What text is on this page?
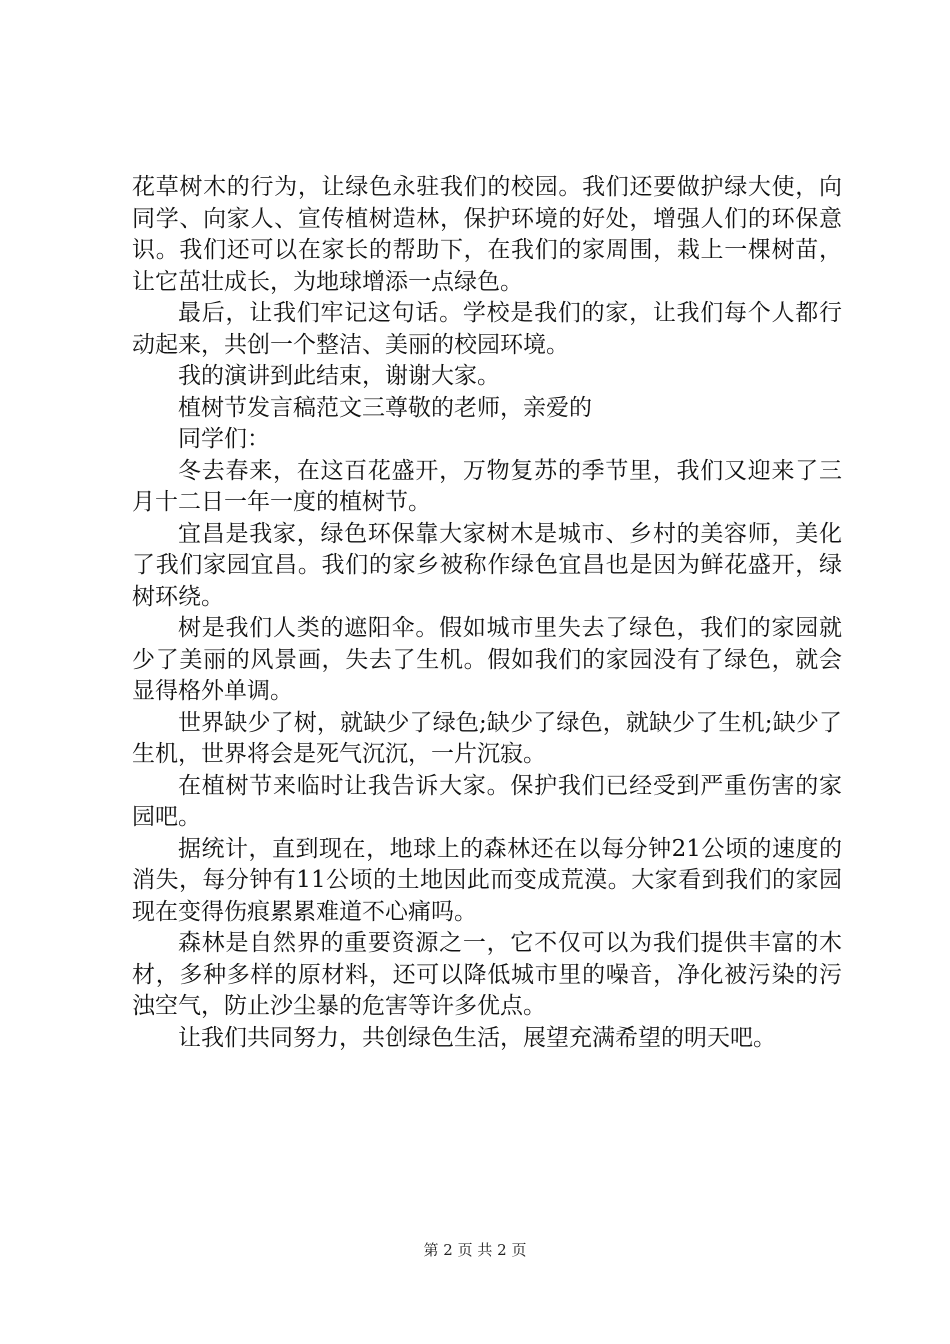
花草树木的行为，让绿色永驻我们的校园。我们还要做护绿大使，向同学、向家人、宣传植树造林，保护环境的好处，增强人们的环保意识。我们还可以在家长的帮助下，在我们的家周围，栽上一棵树苗，让它茁壮成长，为地球增添一点绿色。

最后，让我们牢记这句话。学校是我们的家，让我们每个人都行动起来，共创一个整洁、美丽的校园环境。

我的演讲到此结束，谢谢大家。

植树节发言稿范文三尊敬的老师，亲爱的

同学们：

冬去春来，在这百花盛开，万物复苏的季节里，我们又迎来了三月十二日一年一度的植树节。

宜昌是我家，绿色环保靠大家树木是城市、乡村的美容师，美化了我们家园宜昌。我们的家乡被称作绿色宜昌也是因为鲜花盛开，绿树环绕。

树是我们人类的遮阳伞。假如城市里失去了绿色，我们的家园就少了美丽的风景画，失去了生机。假如我们的家园没有了绿色，就会显得格外单调。

世界缺少了树，就缺少了绿色;缺少了绿色，就缺少了生机;缺少了生机，世界将会是死气沉沉，一片沉寂。

在植树节来临时让我告诉大家。保护我们已经受到严重伤害的家园吧。

据统计，直到现在，地球上的森林还在以每分钟21公顷的速度的消失，每分钟有11公顷的土地因此而变成荒漠。大家看到我们的家园现在变得伤痕累累难道不心痛吗。

森林是自然界的重要资源之一，它不仅可以为我们提供丰富的木材，多种多样的原材料，还可以降低城市里的噪音，净化被污染的污浊空气，防止沙尘暴的危害等许多优点。

让我们共同努力，共创绿色生活，展望充满希望的明天吧。

第 2 页 共 2 页
